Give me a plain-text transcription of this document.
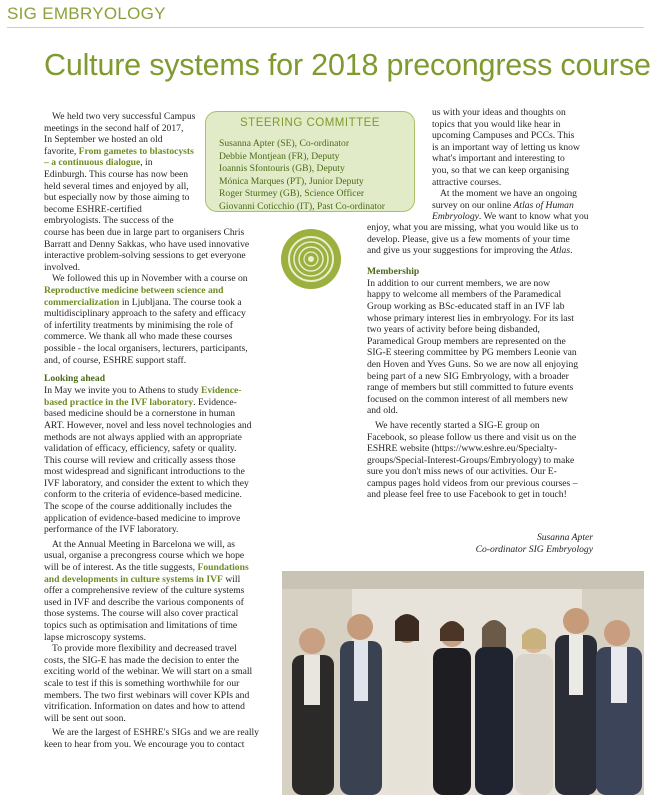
SIG EMBRYOLOGY
Culture systems for 2018 precongress course
STEERING COMMITTEE
Susanna Apter (SE), Co-ordinator
Debbie Montjean (FR), Deputy
Ioannis Sfontouris (GB), Deputy
Mónica Marques (PT), Junior Deputy
Roger Sturmey (GB), Science Officer
Giovanni Coticchio (IT), Past Co-ordinator
We held two very successful Campus
meetings in the second half of 2017,
In September we hosted an old
favorite, From gametes to blastocysts
– a continuous dialogue, in
Edinburgh. This course has now been
held several times and enjoyed by all,
but especially now by those aiming to
become ESHRE-certified
embryologists. The success of the
course has been due in large part to organisers Chris
Barratt and Denny Sakkas, who have used innovative
interactive problem-solving sessions to get everyone
involved.
We followed this up in November with a course on
Reproductive medicine between science and
commercialization in Ljubljana. The course took a
multidisciplinary approach to the safety and efficacy
of infertility treatments by minimising the role of
commerce. We thank all who made these courses
possible - the local organisers, lecturers, participants,
and, of course, ESHRE support staff.
Looking ahead
In May we invite you to Athens to study Evidence-
based practice in the IVF laboratory. Evidence-
based medicine should be a cornerstone in human
ART. However, novel and less novel technologies and
methods are not always applied with an appropriate
validation of efficacy, efficiency, safety or quality.
This course will review and critically assess those
most widespread and significant introductions to the
IVF laboratory, and consider the extent to which they
conform to the criteria of evidence-based medicine.
The scope of the course additionally includes the
application of evidence-based medicine to improve
performance of the IVF laboratory.
At the Annual Meeting in Barcelona we will, as
usual, organise a precongress course which we hope
will be of interest. As the title suggests, Foundations
and developments in culture systems in IVF will
offer a comprehensive review of the culture systems
used in IVF and describe the various components of
those systems. The course will also cover practical
topics such as optimisation and limitations of time
lapse microscopy systems.
To provide more flexibility and decreased travel
costs, the SIG-E has made the decision to enter the
exciting world of the webinar. We will start on a small
scale to test if this is something worthwhile for our
members. The two first webinars will cover KPIs and
vitrification. Information on dates and how to attend
will be sent out soon.
We are the largest of ESHRE's SIGs and we are really
keen to hear from you. We encourage you to contact
us with your ideas and thoughts on
topics that you would like hear in
upcoming Campuses and PCCs. This
is an important way of letting us know
what's important and interesting to
you, so that we can keep organising
attractive courses.
At the moment we have an ongoing
survey on our online Atlas of Human
Embryology. We want to know what you
enjoy, what you are missing, what you would like us to
develop. Please, give us a few moments of your time
and give us your suggestions for improving the Atlas.
Membership
In addition to our current members, we are now
happy to welcome all members of the Paramedical
Group working as BSc-educated staff in an IVF lab
whose primary interest lies in embryology. For its last
two years of activity before being disbanded,
Paramedical Group members are represented on the
SIG-E steering committee by PG members Leonie van
den Hoven and Yves Guns. So we are now all enjoying
being part of a new SIG Embryology, with a broader
range of members but still committed to future events
focused on the common interest of all members new
and old.
We have recently started a SIG-E group on
Facebook, so please follow us there and visit us on the
ESHRE website (https://www.eshre.eu/Specialty-
groups/Special-Interest-Groups/Embryology) to make
sure you don't miss news of our activities. Our E-
campus pages hold videos from our previous courses –
and please feel free to use Facebook to get in touch!
Susanna Apter
Co-ordinator SIG Embryology
